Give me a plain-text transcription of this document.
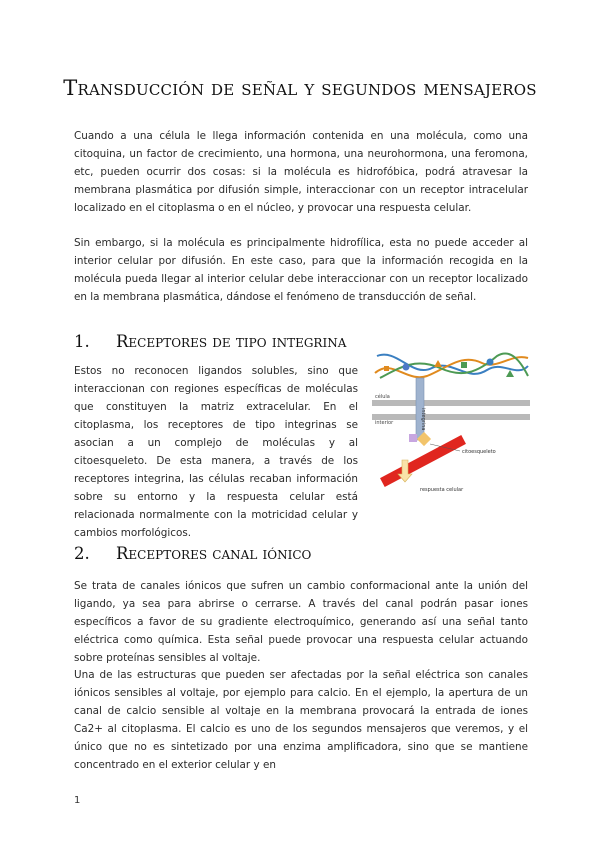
Transducción de señal y segundos mensajeros

Cuando a una célula le llega información contenida en una molécula, como una citoquina, un factor de crecimiento, una hormona, una neurohormona, una feromona, etc, pueden ocurrir dos cosas: si la molécula es hidrofóbica, podrá atravesar la membrana plasmática por difusión simple, interaccionar con un receptor intracelular localizado en el citoplasma o en el núcleo, y provocar una respuesta celular.

Sin embargo, si la molécula es principalmente hidrofílica, esta no puede acceder al interior celular por difusión. En este caso, para que la información recogida en la molécula pueda llegar al interior celular debe interaccionar con un receptor localizado en la membrana plasmática, dándose el fenómeno de transducción de señal.

1.	Receptores de tipo integrina

Estos no reconocen ligandos solubles, sino que interaccionan con regiones específicas de moléculas que constituyen la matriz extracelular. En el citoplasma, los receptores de tipo integrinas se asocian a un complejo de moléculas y al citoesqueleto. De esta manera, a través de los receptores integrina, las células recaban información sobre su entorno y la respuesta celular está relacionada normalmente con la motricidad celular y cambios morfológicos.

célula
interior	integrina
citoesqueleto
respuesta celular
2.	Receptores canal iónico

Se trata de canales iónicos que sufren un cambio conformacional ante la unión del ligando, ya sea para abrirse o cerrarse. A través del canal podrán pasar iones específicos a favor de su gradiente electroquímico, generando así una señal tanto eléctrica como química. Esta señal puede provocar una respuesta celular actuando sobre proteínas sensibles al voltaje.

Una de las estructuras que pueden ser afectadas por la señal eléctrica son canales iónicos sensibles al voltaje, por ejemplo para calcio. En el ejemplo, la apertura de un canal de calcio sensible al voltaje en la membrana provocará la entrada de iones Ca2+ al citoplasma. El calcio es uno de los segundos mensajeros que veremos, y el único que no es sintetizado por una enzima amplificadora, sino que se mantiene concentrado en el exterior celular y en

1
